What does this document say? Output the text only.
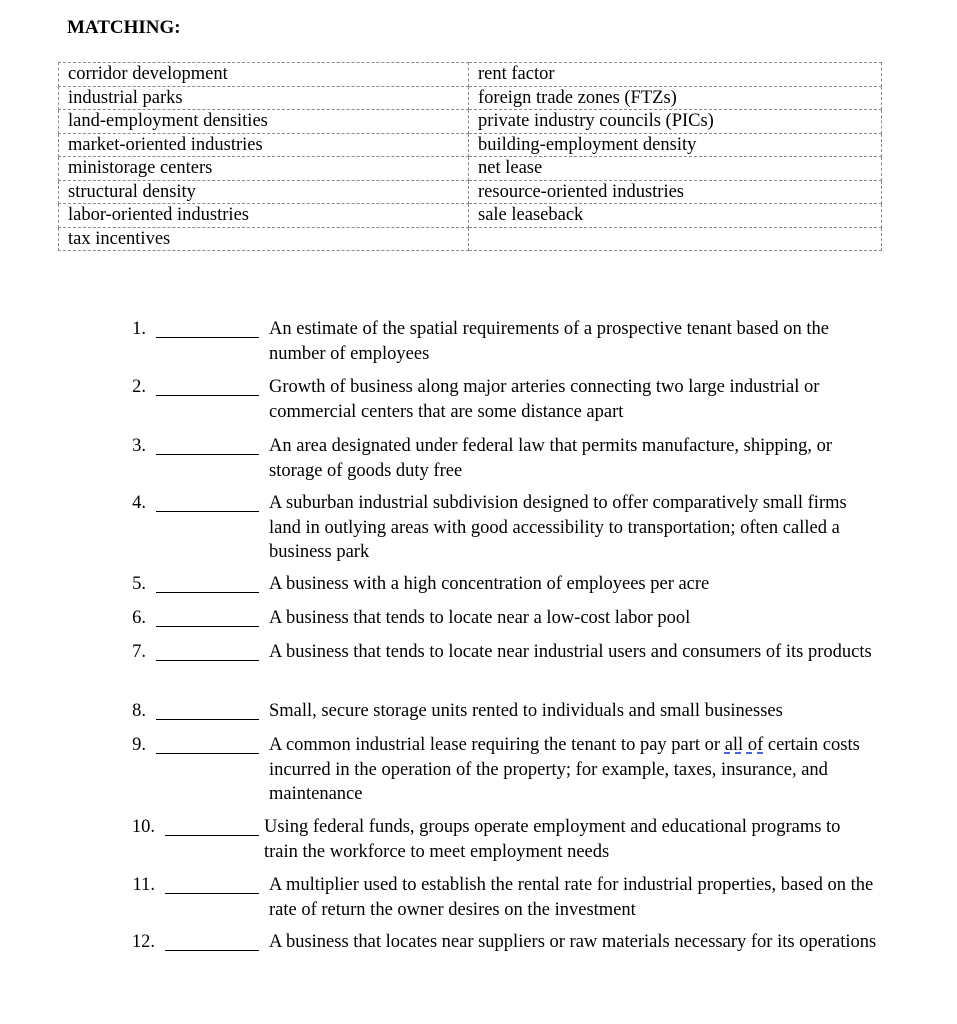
MATCHING:
corridor development	rent factor
industrial parks	foreign trade zones (FTZs)
land-employment densities	private industry councils (PICs)
market-oriented industries	building-employment density
ministorage centers	net lease
structural density	resource-oriented industries
labor-oriented industries	sale leaseback
tax incentives	
1.	An estimate of the spatial requirements of a prospective tenant based on the number of employees
2.	Growth of business along major arteries connecting two large industrial or commercial centers that are some distance apart
3.	An area designated under federal law that permits manufacture, shipping, or storage of goods duty free
4.	A suburban industrial subdivision designed to offer comparatively small firms land in outlying areas with good accessibility to transportation; often called a business park
5.	A business with a high concentration of employees per acre
6.	A business that tends to locate near a low-cost labor pool
7.	A business that tends to locate near industrial users and consumers of its products
8.	Small, secure storage units rented to individuals and small businesses
9.	A common industrial lease requiring the tenant to pay part or all of certain costs incurred in the operation of the property; for example, taxes, insurance, and maintenance
10.	Using federal funds, groups operate employment and educational programs to train the workforce to meet employment needs
11.	A multiplier used to establish the rental rate for industrial properties, based on the rate of return the owner desires on the investment
12.	A business that locates near suppliers or raw materials necessary for its operations
